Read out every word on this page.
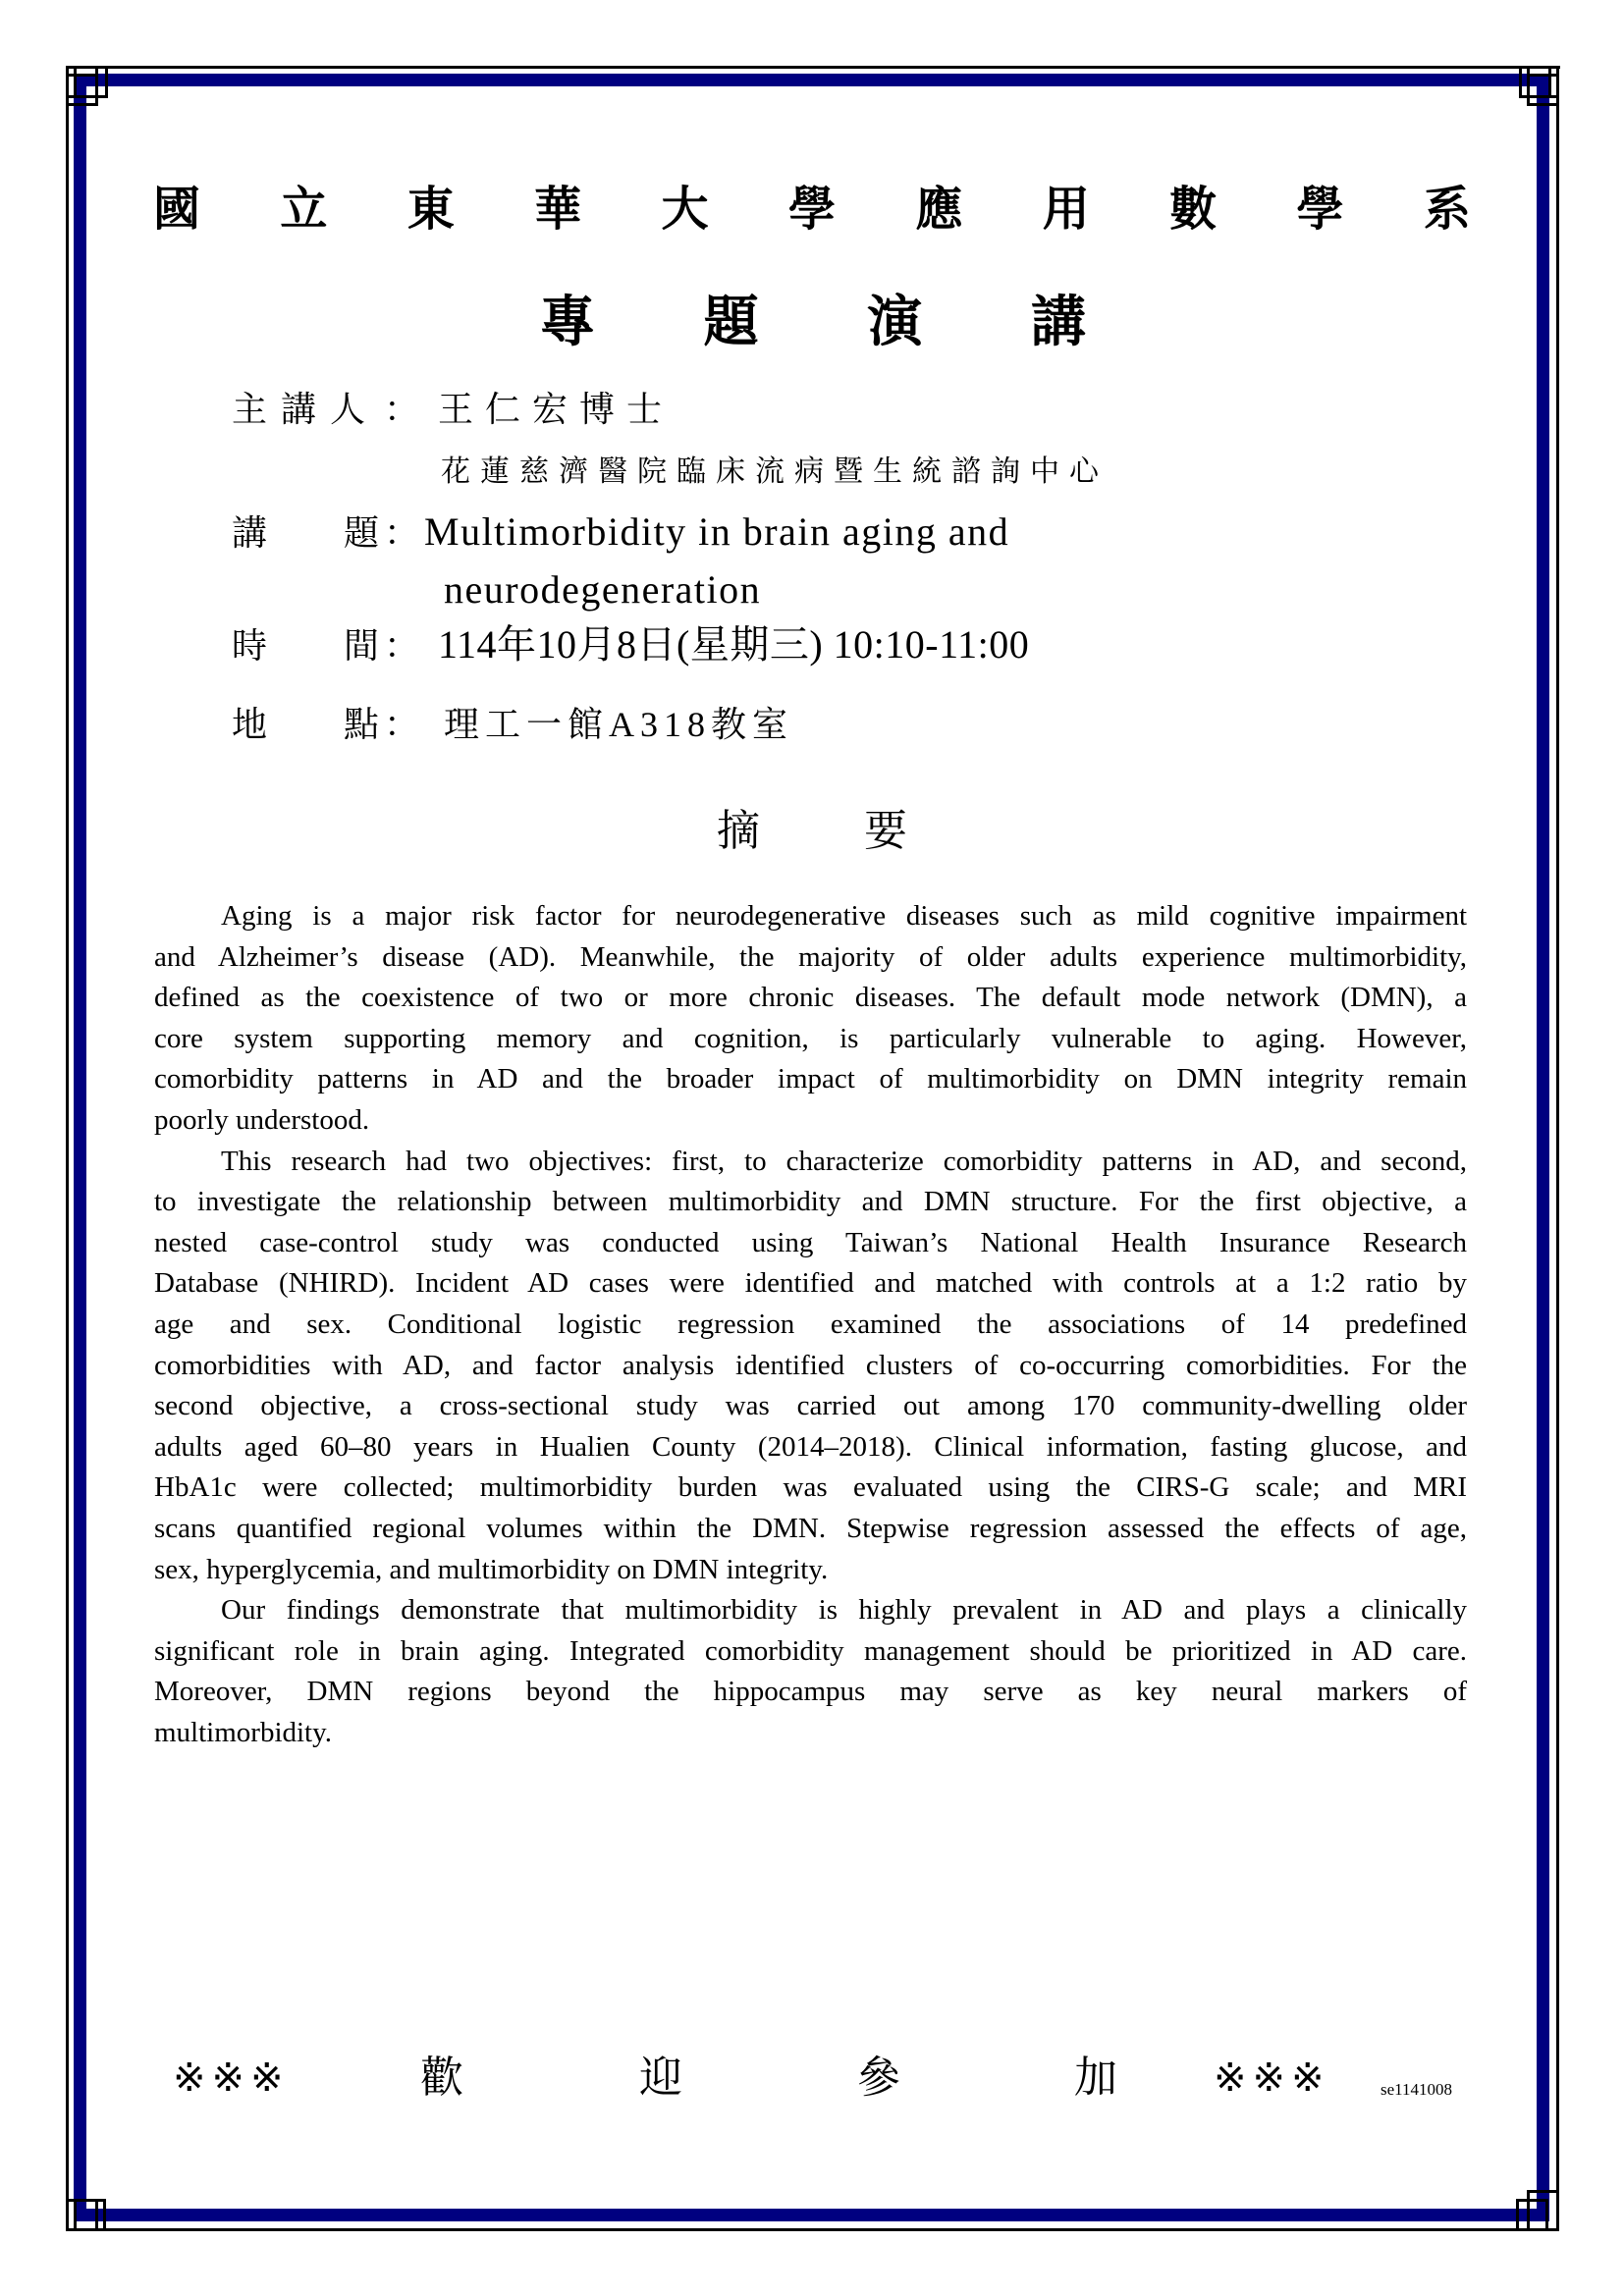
國 立 東 華 大 學 應 用 數 學 系
專 題 演 講
主講人 ： 王仁宏博士
花蓮慈濟醫院臨床流病暨生統諮詢中心
講 題 ： Multimorbidity in brain aging and
neurodegeneration
時 間 ： 114年10月8日(星期三) 10:10-11:00
地 點 ： 理工一館A318教室
摘 要
Aging is a major risk factor for neurodegenerative diseases such as mild cognitive impairment
and Alzheimer’s disease (AD). Meanwhile, the majority of older adults experience multimorbidity,
defined as the coexistence of two or more chronic diseases. The default mode network (DMN), a
core system supporting memory and cognition, is particularly vulnerable to aging. However,
comorbidity patterns in AD and the broader impact of multimorbidity on DMN integrity remain
poorly understood.
This research had two objectives: first, to characterize comorbidity patterns in AD, and second,
to investigate the relationship between multimorbidity and DMN structure. For the first objective, a
nested case-control study was conducted using Taiwan’s National Health Insurance Research
Database (NHIRD). Incident AD cases were identified and matched with controls at a 1:2 ratio by
age and sex. Conditional logistic regression examined the associations of 14 predefined
comorbidities with AD, and factor analysis identified clusters of co-occurring comorbidities. For the
second objective, a cross-sectional study was carried out among 170 community-dwelling older
adults aged 60–80 years in Hualien County (2014–2018). Clinical information, fasting glucose, and
HbA1c were collected; multimorbidity burden was evaluated using the CIRS-G scale; and MRI
scans quantified regional volumes within the DMN. Stepwise regression assessed the effects of age,
sex, hyperglycemia, and multimorbidity on DMN integrity.
Our findings demonstrate that multimorbidity is highly prevalent in AD and plays a clinically
significant role in brain aging. Integrated comorbidity management should be prioritized in AD care.
Moreover, DMN regions beyond the hippocampus may serve as key neural markers of
multimorbidity.
※※※	歡	迎	參	加 ※※※	se1141008
